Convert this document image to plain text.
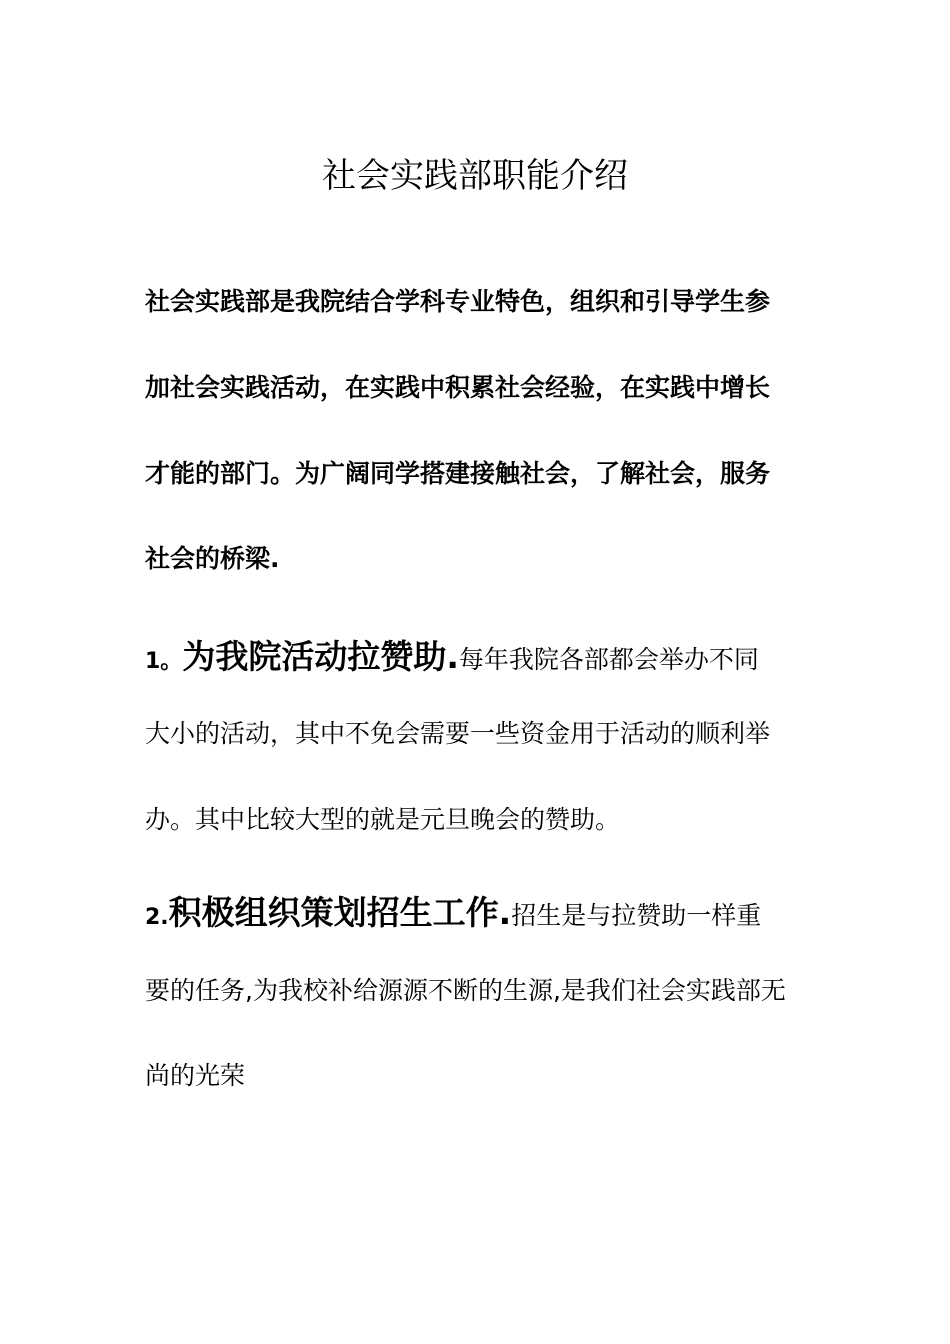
社会实践部职能介绍
社会实践部是我院结合学科专业特色，组织和引导学生参
加社会实践活动，在实践中积累社会经验，在实践中增长
才能的部门。为广阔同学搭建接触社会，了解社会，服务
社会的桥梁.
1。为我院活动拉赞助.每年我院各部都会举办不同
大小的活动，其中不免会需要一些资金用于活动的顺利举
办。其中比较大型的就是元旦晚会的赞助。
2.积极组织策划招生工作.招生是与拉赞助一样重
要的任务,为我校补给源源不断的生源,是我们社会实践部无
尚的光荣
